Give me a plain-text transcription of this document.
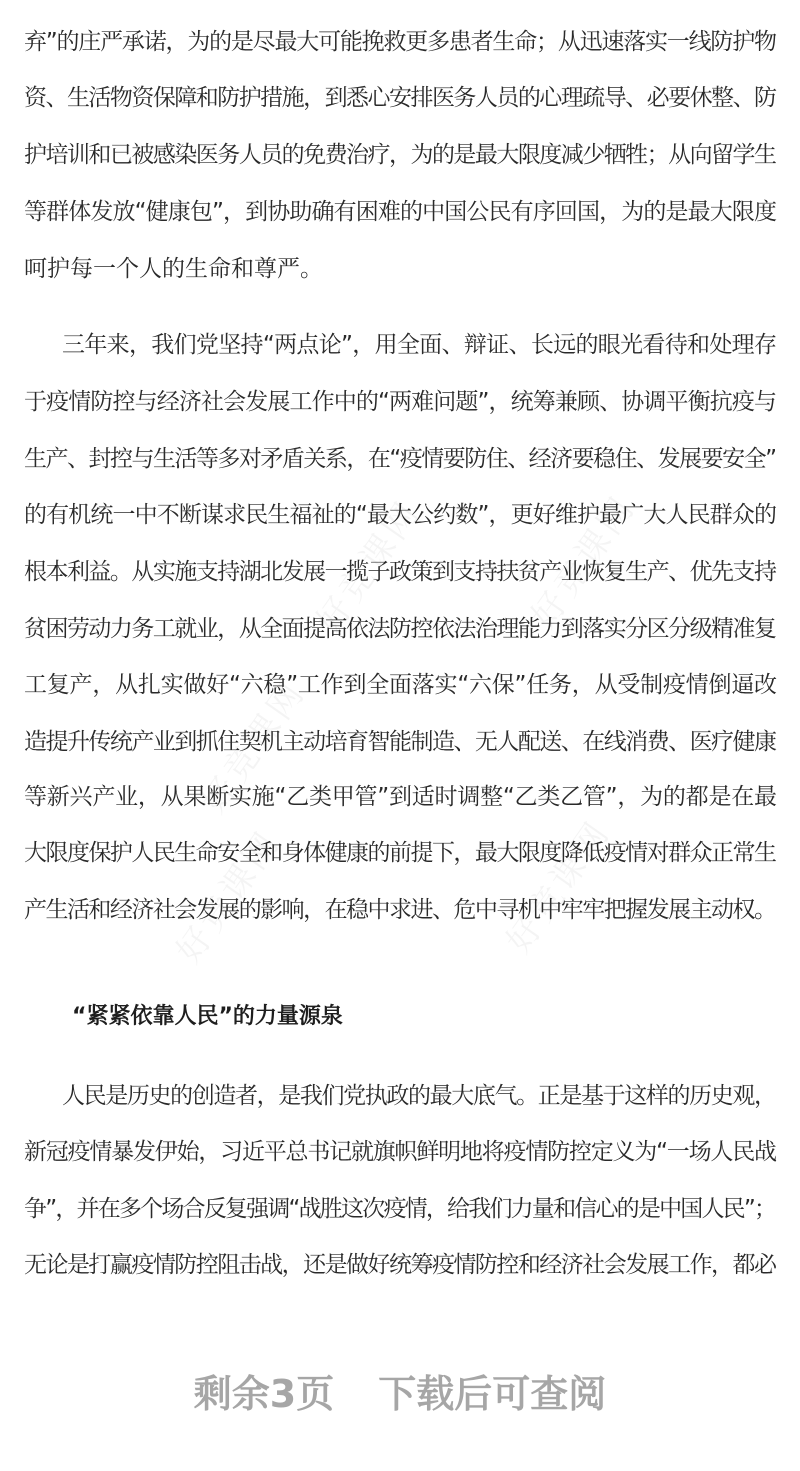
弃”的庄严承诺，为的是尽最大可能挽救更多患者生命；从迅速落实一线防护物
资、生活物资保障和防护措施，到悉心安排医务人员的心理疏导、必要休整、防
护培训和已被感染医务人员的免费治疗，为的是最大限度减少牺牲；从向留学生
等群体发放“健康包”，到协助确有困难的中国公民有序回国，为的是最大限度
呵护每一个人的生命和尊严。
三年来，我们党坚持“两点论”，用全面、辩证、长远的眼光看待和处理存
于疫情防控与经济社会发展工作中的“两难问题”，统筹兼顾、协调平衡抗疫与
生产、封控与生活等多对矛盾关系，在“疫情要防住、经济要稳住、发展要安全”
的有机统一中不断谋求民生福祉的“最大公约数”，更好维护最广大人民群众的
根本利益。从实施支持湖北发展一揽子政策到支持扶贫产业恢复生产、优先支持
贫困劳动力务工就业，从全面提高依法防控依法治理能力到落实分区分级精准复
工复产，从扎实做好“六稳”工作到全面落实“六保”任务，从受制疫情倒逼改
造提升传统产业到抓住契机主动培育智能制造、无人配送、在线消费、医疗健康
等新兴产业，从果断实施“乙类甲管”到适时调整“乙类乙管”，为的都是在最
大限度保护人民生命安全和身体健康的前提下，最大限度降低疫情对群众正常生
产生活和经济社会发展的影响，在稳中求进、危中寻机中牢牢把握发展主动权。
“紧紧依靠人民”的力量源泉
人民是历史的创造者，是我们党执政的最大底气。正是基于这样的历史观，
新冠疫情暴发伊始，习近平总书记就旗帜鲜明地将疫情防控定义为“一场人民战
争”，并在多个场合反复强调“战胜这次疫情，给我们力量和信心的是中国人民”；
无论是打赢疫情防控阻击战，还是做好统筹疫情防控和经济社会发展工作，都必
剩余3页 下载后可查阅
